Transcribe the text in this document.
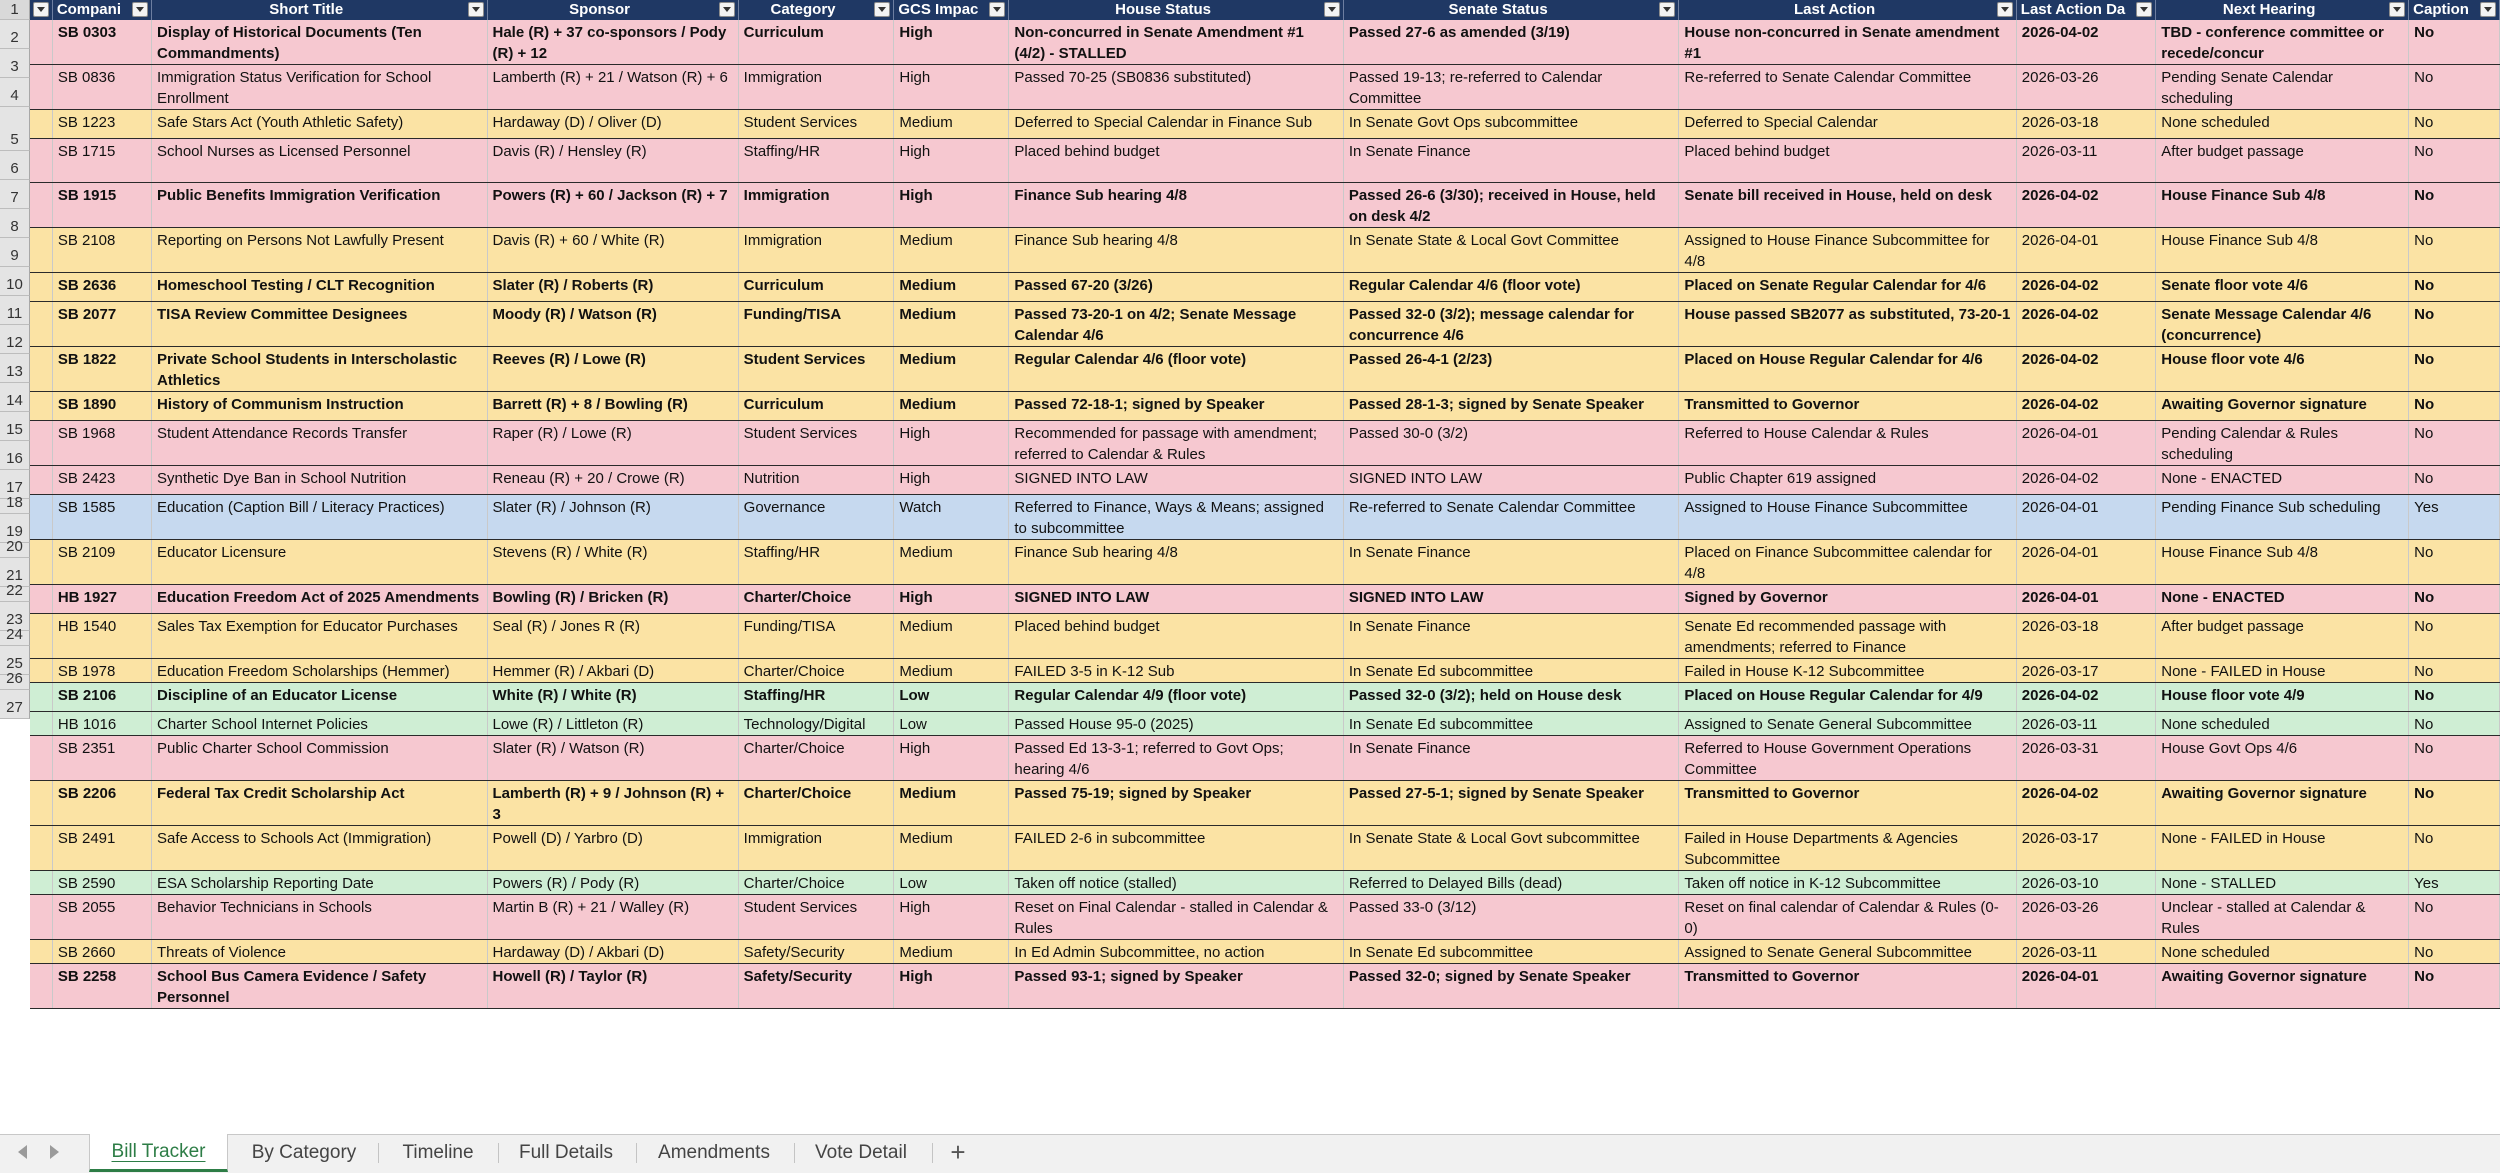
1
2
3
4
5
6
7
8
9
10
11
12
13
14
15
16
17
18
19
20
21
22
23
24
25
26
27
	Compani	Short Title	Sponsor	Category	GCS Impac	House Status	Senate Status	Last Action	Last Action Da	Next Hearing	Caption

	SB 0303	Display of Historical Documents (Ten Commandments)	Hale (R) + 37 co-sponsors / Pody (R) + 12	Curriculum	High	Non-concurred in Senate Amendment #1 (4/2) - STALLED	Passed 27-6 as amended (3/19)	House non-concurred in Senate amendment #1	2026-04-02	TBD - conference committee or recede/concur	No
	SB 0836	Immigration Status Verification for School Enrollment	Lamberth (R) + 21 / Watson (R) + 6	Immigration	High	Passed 70-25 (SB0836 substituted)	Passed 19-13; re-referred to Calendar Committee	Re-referred to Senate Calendar Committee	2026-03-26	Pending Senate Calendar scheduling	No
	SB 1223	Safe Stars Act (Youth Athletic Safety)	Hardaway (D) / Oliver (D)	Student Services	Medium	Deferred to Special Calendar in Finance Sub	In Senate Govt Ops subcommittee	Deferred to Special Calendar	2026-03-18	None scheduled	No
	SB 1715	School Nurses as Licensed Personnel	Davis (R) / Hensley (R)	Staffing/HR	High	Placed behind budget	In Senate Finance	Placed behind budget	2026-03-11	After budget passage	No
	SB 1915	Public Benefits Immigration Verification	Powers (R) + 60 / Jackson (R) + 7	Immigration	High	Finance Sub hearing 4/8	Passed 26-6 (3/30); received in House, held on desk 4/2	Senate bill received in House, held on desk	2026-04-02	House Finance Sub 4/8	No
	SB 2108	Reporting on Persons Not Lawfully Present	Davis (R) + 60 / White (R)	Immigration	Medium	Finance Sub hearing 4/8	In Senate State & Local Govt Committee	Assigned to House Finance Subcommittee for 4/8	2026-04-01	House Finance Sub 4/8	No
	SB 2636	Homeschool Testing / CLT Recognition	Slater (R) / Roberts (R)	Curriculum	Medium	Passed 67-20 (3/26)	Regular Calendar 4/6 (floor vote)	Placed on Senate Regular Calendar for 4/6	2026-04-02	Senate floor vote 4/6	No
	SB 2077	TISA Review Committee Designees	Moody (R) / Watson (R)	Funding/TISA	Medium	Passed 73-20-1 on 4/2; Senate Message Calendar 4/6	Passed 32-0 (3/2); message calendar for concurrence 4/6	House passed SB2077 as substituted, 73-20-1	2026-04-02	Senate Message Calendar 4/6 (concurrence)	No
	SB 1822	Private School Students in Interscholastic Athletics	Reeves (R) / Lowe (R)	Student Services	Medium	Regular Calendar 4/6 (floor vote)	Passed 26-4-1 (2/23)	Placed on House Regular Calendar for 4/6	2026-04-02	House floor vote 4/6	No
	SB 1890	History of Communism Instruction	Barrett (R) + 8 / Bowling (R)	Curriculum	Medium	Passed 72-18-1; signed by Speaker	Passed 28-1-3; signed by Senate Speaker	Transmitted to Governor	2026-04-02	Awaiting Governor signature	No
	SB 1968	Student Attendance Records Transfer	Raper (R) / Lowe (R)	Student Services	High	Recommended for passage with amendment; referred to Calendar & Rules	Passed 30-0 (3/2)	Referred to House Calendar & Rules	2026-04-01	Pending Calendar & Rules scheduling	No
	SB 2423	Synthetic Dye Ban in School Nutrition	Reneau (R) + 20 / Crowe (R)	Nutrition	High	SIGNED INTO LAW	SIGNED INTO LAW	Public Chapter 619 assigned	2026-04-02	None - ENACTED	No
	SB 1585	Education (Caption Bill / Literacy Practices)	Slater (R) / Johnson (R)	Governance	Watch	Referred to Finance, Ways & Means; assigned to subcommittee	Re-referred to Senate Calendar Committee	Assigned to House Finance Subcommittee	2026-04-01	Pending Finance Sub scheduling	Yes
	SB 2109	Educator Licensure	Stevens (R) / White (R)	Staffing/HR	Medium	Finance Sub hearing 4/8	In Senate Finance	Placed on Finance Subcommittee calendar for 4/8	2026-04-01	House Finance Sub 4/8	No
	HB 1927	Education Freedom Act of 2025 Amendments	Bowling (R) / Bricken (R)	Charter/Choice	High	SIGNED INTO LAW	SIGNED INTO LAW	Signed by Governor	2026-04-01	None - ENACTED	No
	HB 1540	Sales Tax Exemption for Educator Purchases	Seal (R) / Jones R (R)	Funding/TISA	Medium	Placed behind budget	In Senate Finance	Senate Ed recommended passage with amendments; referred to Finance	2026-03-18	After budget passage	No
	SB 1978	Education Freedom Scholarships (Hemmer)	Hemmer (R) / Akbari (D)	Charter/Choice	Medium	FAILED 3-5 in K-12 Sub	In Senate Ed subcommittee	Failed in House K-12 Subcommittee	2026-03-17	None - FAILED in House	No
	SB 2106	Discipline of an Educator License	White (R) / White (R)	Staffing/HR	Low	Regular Calendar 4/9 (floor vote)	Passed 32-0 (3/2); held on House desk	Placed on House Regular Calendar for 4/9	2026-04-02	House floor vote 4/9	No
	HB 1016	Charter School Internet Policies	Lowe (R) / Littleton (R)	Technology/Digital	Low	Passed House 95-0 (2025)	In Senate Ed subcommittee	Assigned to Senate General Subcommittee	2026-03-11	None scheduled	No
	SB 2351	Public Charter School Commission	Slater (R) / Watson (R)	Charter/Choice	High	Passed Ed 13-3-1; referred to Govt Ops; hearing 4/6	In Senate Finance	Referred to House Government Operations Committee	2026-03-31	House Govt Ops 4/6	No
	SB 2206	Federal Tax Credit Scholarship Act	Lamberth (R) + 9 / Johnson (R) + 3	Charter/Choice	Medium	Passed 75-19; signed by Speaker	Passed 27-5-1; signed by Senate Speaker	Transmitted to Governor	2026-04-02	Awaiting Governor signature	No
	SB 2491	Safe Access to Schools Act (Immigration)	Powell (D) / Yarbro (D)	Immigration	Medium	FAILED 2-6 in subcommittee	In Senate State & Local Govt subcommittee	Failed in House Departments & Agencies Subcommittee	2026-03-17	None - FAILED in House	No
	SB 2590	ESA Scholarship Reporting Date	Powers (R) / Pody (R)	Charter/Choice	Low	Taken off notice (stalled)	Referred to Delayed Bills (dead)	Taken off notice in K-12 Subcommittee	2026-03-10	None - STALLED	Yes
	SB 2055	Behavior Technicians in Schools	Martin B (R) + 21 / Walley (R)	Student Services	High	Reset on Final Calendar - stalled in Calendar & Rules	Passed 33-0 (3/12)	Reset on final calendar of Calendar & Rules (0-0)	2026-03-26	Unclear - stalled at Calendar & Rules	No
	SB 2660	Threats of Violence	Hardaway (D) / Akbari (D)	Safety/Security	Medium	In Ed Admin Subcommittee, no action	In Senate Ed subcommittee	Assigned to Senate General Subcommittee	2026-03-11	None scheduled	No
	SB 2258	School Bus Camera Evidence / Safety Personnel	Howell (R) / Taylor (R)	Safety/Security	High	Passed 93-1; signed by Speaker	Passed 32-0; signed by Senate Speaker	Transmitted to Governor	2026-04-01	Awaiting Governor signature	No
Bill Tracker	By Category	Timeline	Full Details	Amendments	Vote Detail	+
